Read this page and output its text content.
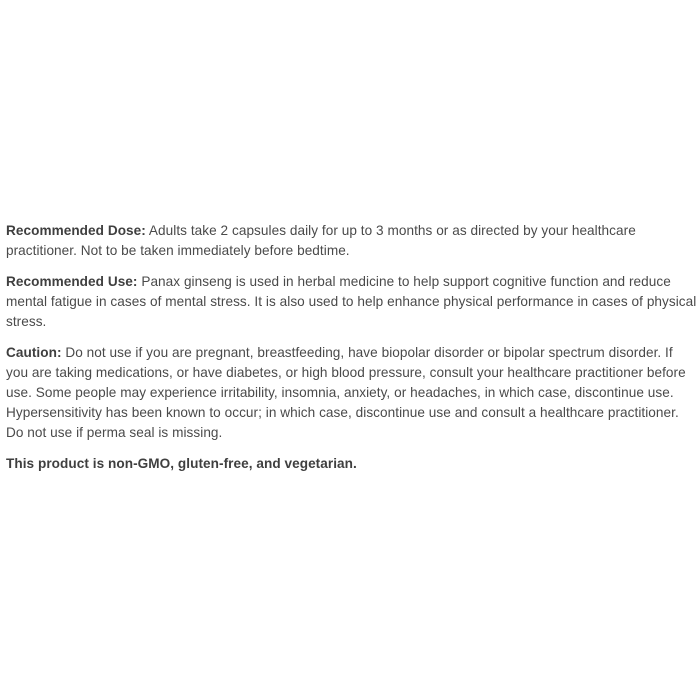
Recommended Dose: Adults take 2 capsules daily for up to 3 months or as directed by your healthcare practitioner. Not to be taken immediately before bedtime.

Recommended Use: Panax ginseng is used in herbal medicine to help support cognitive function and reduce mental fatigue in cases of mental stress. It is also used to help enhance physical performance in cases of physical stress.

Caution: Do not use if you are pregnant, breastfeeding, have biopolar disorder or bipolar spectrum disorder. If you are taking medications, or have diabetes, or high blood pressure, consult your healthcare practitioner before use. Some people may experience irritability, insomnia, anxiety, or headaches, in which case, discontinue use. Hypersensitivity has been known to occur; in which case, discontinue use and consult a healthcare practitioner. Do not use if perma seal is missing.

This product is non-GMO, gluten-free, and vegetarian.
